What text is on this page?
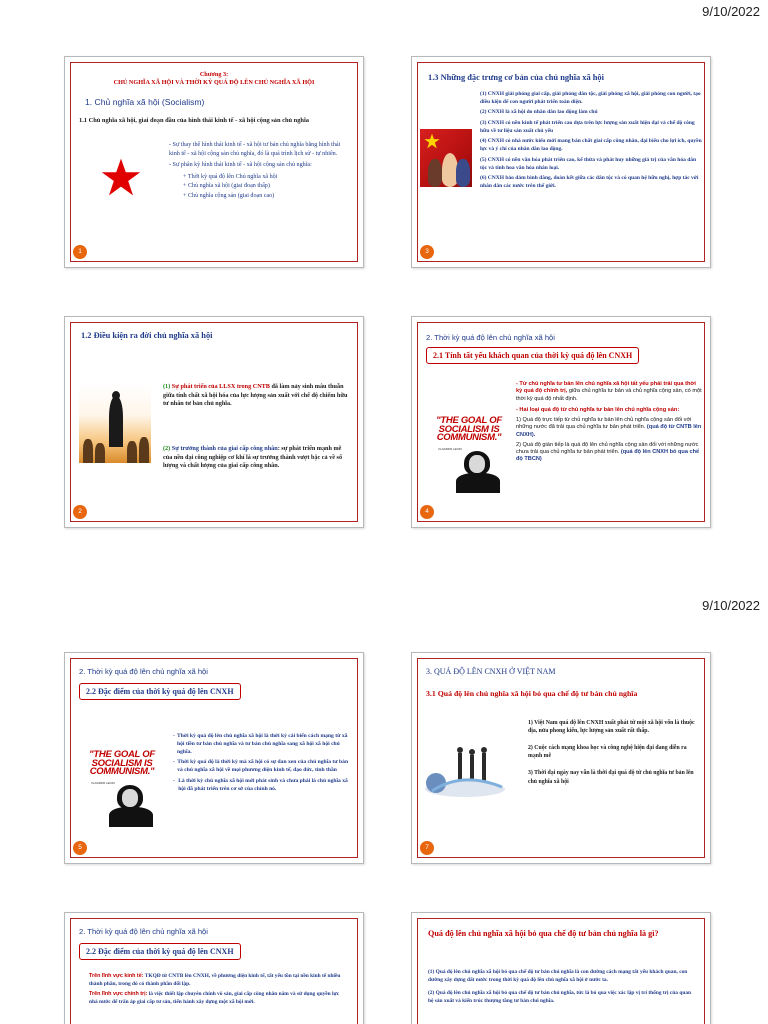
9/10/2022
9/10/2022
Chương 3:
CHỦ NGHĨA XÃ HỘI VÀ THỜI KỲ QUÁ ĐỘ LÊN CHỦ NGHĨA XÃ HỘI
1. Chủ nghĩa xã hội (Socialism)
1.1 Chủ nghĩa xã hội, giai đoạn đầu của hình thái kinh tế - xã hội cộng sản chủ nghĩa
- Sự thay thế hình thái kinh tế - xã hội tư bản chủ nghĩa bằng hình thái kinh tế - xã hội cộng sản chủ nghĩa, đó là quá trình lịch sử - tự nhiên.
- Sự phân kỳ hình thái kinh tế - xã hội cộng sản chủ nghĩa:
+ Thời kỳ quá độ lên Chủ nghĩa xã hội
+ Chủ nghĩa xã hội (giai đoạn thấp)
+ Chủ nghĩa cộng sản (giai đoạn cao)
1
1.3 Những đặc trưng cơ bản của chủ nghĩa xã hội
(1) CNXH giải phóng giai cấp, giải phóng dân tộc, giải phóng xã hội, giải phóng con người, tạo điều kiện để con người phát triển toàn diện.
(2) CNXH là xã hội do nhân dân lao động làm chủ
(3) CNXH có nền kinh tế phát triển cao dựa trên lực lượng sản xuất hiện đại và chế độ công hữu về tư liệu sản xuất chủ yếu
(4) CNXH có nhà nước kiểu mới mang bản chất giai cấp công nhân, đại biểu cho lợi ích, quyền lực và ý chí của nhân dân lao động.
(5) CNXH có nền văn hóa phát triển cao, kế thừa và phát huy những giá trị của văn hóa dân tộc và tinh hoa văn hóa nhân loại.
(6) CNXH bảo đảm bình đẳng, đoàn kết giữa các dân tộc và có quan hệ hữu nghị, hợp tác với nhân dân các nước trên thế giới.
3
1.2 Điều kiện ra đời chủ nghĩa xã hội
(1) Sự phát triển của LLSX trong CNTB đã làm nảy sinh mâu thuẫn giữa tính chất xã hội hóa của lực lượng sản xuất với chế độ chiếm hữu tư nhân tư bản chủ nghĩa.
(2) Sự trưởng thành của giai cấp công nhân: sự phát triển mạnh mẽ của nền đại công nghiệp cơ khí là sự trưởng thành vượt bậc cả về số lượng và chất lượng của giai cấp công nhân.
2
2. Thời kỳ quá độ lên chủ nghĩa xã hội
2.1 Tính tất yếu khách quan của thời kỳ quá độ lên CNXH
"THE GOAL OF SOCIALISM IS COMMUNISM."
VLADIMIR LENIN
- Từ chủ nghĩa tư bản lên chủ nghĩa xã hội tất yếu phải trải qua thời kỳ quá độ chính trị, giữa chủ nghĩa tư bản và chủ nghĩa cộng sản, có một thời kỳ quá độ nhất định.
- Hai loại quá độ từ chủ nghĩa tư bản lên chủ nghĩa cộng sản:
1) Quá độ trực tiếp từ chủ nghĩa tư bản lên chủ nghĩa cộng sản đối với những nước đã trải qua chủ nghĩa tư bản phát triển. (quá độ từ CNTB lên CNXH).
2) Quá độ gián tiếp là quá độ lên chủ nghĩa cộng sản đối với những nước chưa trải qua chủ nghĩa tư bản phát triển. (quá độ lên CNXH bỏ qua chế độ TBCN)
4
2. Thời kỳ quá độ lên chủ nghĩa xã hội
2.2 Đặc điểm của thời kỳ quá độ lên CNXH
"THE GOAL OF SOCIALISM IS COMMUNISM."
VLADIMIR LENIN
- Thời kỳ quá độ lên chủ nghĩa xã hội là thời kỳ cải biến cách mạng từ xã hội tiền tư bản chủ nghĩa và tư bản chủ nghĩa sang xã hội xã hội chủ nghĩa.
- Thời kỳ quá độ là thời kỳ mà xã hội có sự đan xen của chủ nghĩa tư bản và chủ nghĩa xã hội về mọi phương diện kinh tế, đạo đức, tinh thần
- Là thời kỳ chủ nghĩa xã hội mới phát sinh và chưa phải là chủ nghĩa xã hội đã phát triển trên cơ sở của chính nó.
5
3. QUÁ ĐỘ LÊN CNXH Ở VIỆT NAM
3.1 Quá độ lên chủ nghĩa xã hội bỏ qua chế độ tư bản chủ nghĩa
1) Việt Nam quá độ lên CNXH xuất phát từ một xã hội vốn là thuộc địa, nửa phong kiến, lực lượng sản xuất rất thấp.
2) Cuộc cách mạng khoa học và công nghệ hiện đại đang diễn ra mạnh mẽ
3) Thời đại ngày nay vẫn là thời đại quá độ từ chủ nghĩa tư bản lên chủ nghĩa xã hội
7
2. Thời kỳ quá độ lên chủ nghĩa xã hội
2.2 Đặc điểm của thời kỳ quá độ lên CNXH
Trên lĩnh vực kinh tế: TKQĐ từ CNTB lên CNXH, về phương diện kinh tế, tất yếu tồn tại nền kinh tế nhiều thành phần, trong đó có thành phần đối lập.
Trên lĩnh vực chính trị: là việc thiết lập chuyên chính vô sản, giai cấp công nhân nắm và sử dụng quyền lực nhà nước để trấn áp giai cấp tư sản, tiến hành xây dựng một xã hội mới.
Quá độ lên chủ nghĩa xã hội bỏ qua chế độ tư bản chủ nghĩa là gì?
(1) Quá độ lên chủ nghĩa xã hội bỏ qua chế độ tư bản chủ nghĩa là con đường cách mạng tất yếu khách quan, con đường xây dựng đất nước trong thời kỳ quá độ lên chủ nghĩa xã hội ở nước ta.
(2) Quá độ lên chủ nghĩa xã hội bỏ qua chế độ tư bản chủ nghĩa, tức là bỏ qua việc xác lập vị trí thống trị của quan hệ sản xuất và kiến trúc thượng tầng tư bản chủ nghĩa.
